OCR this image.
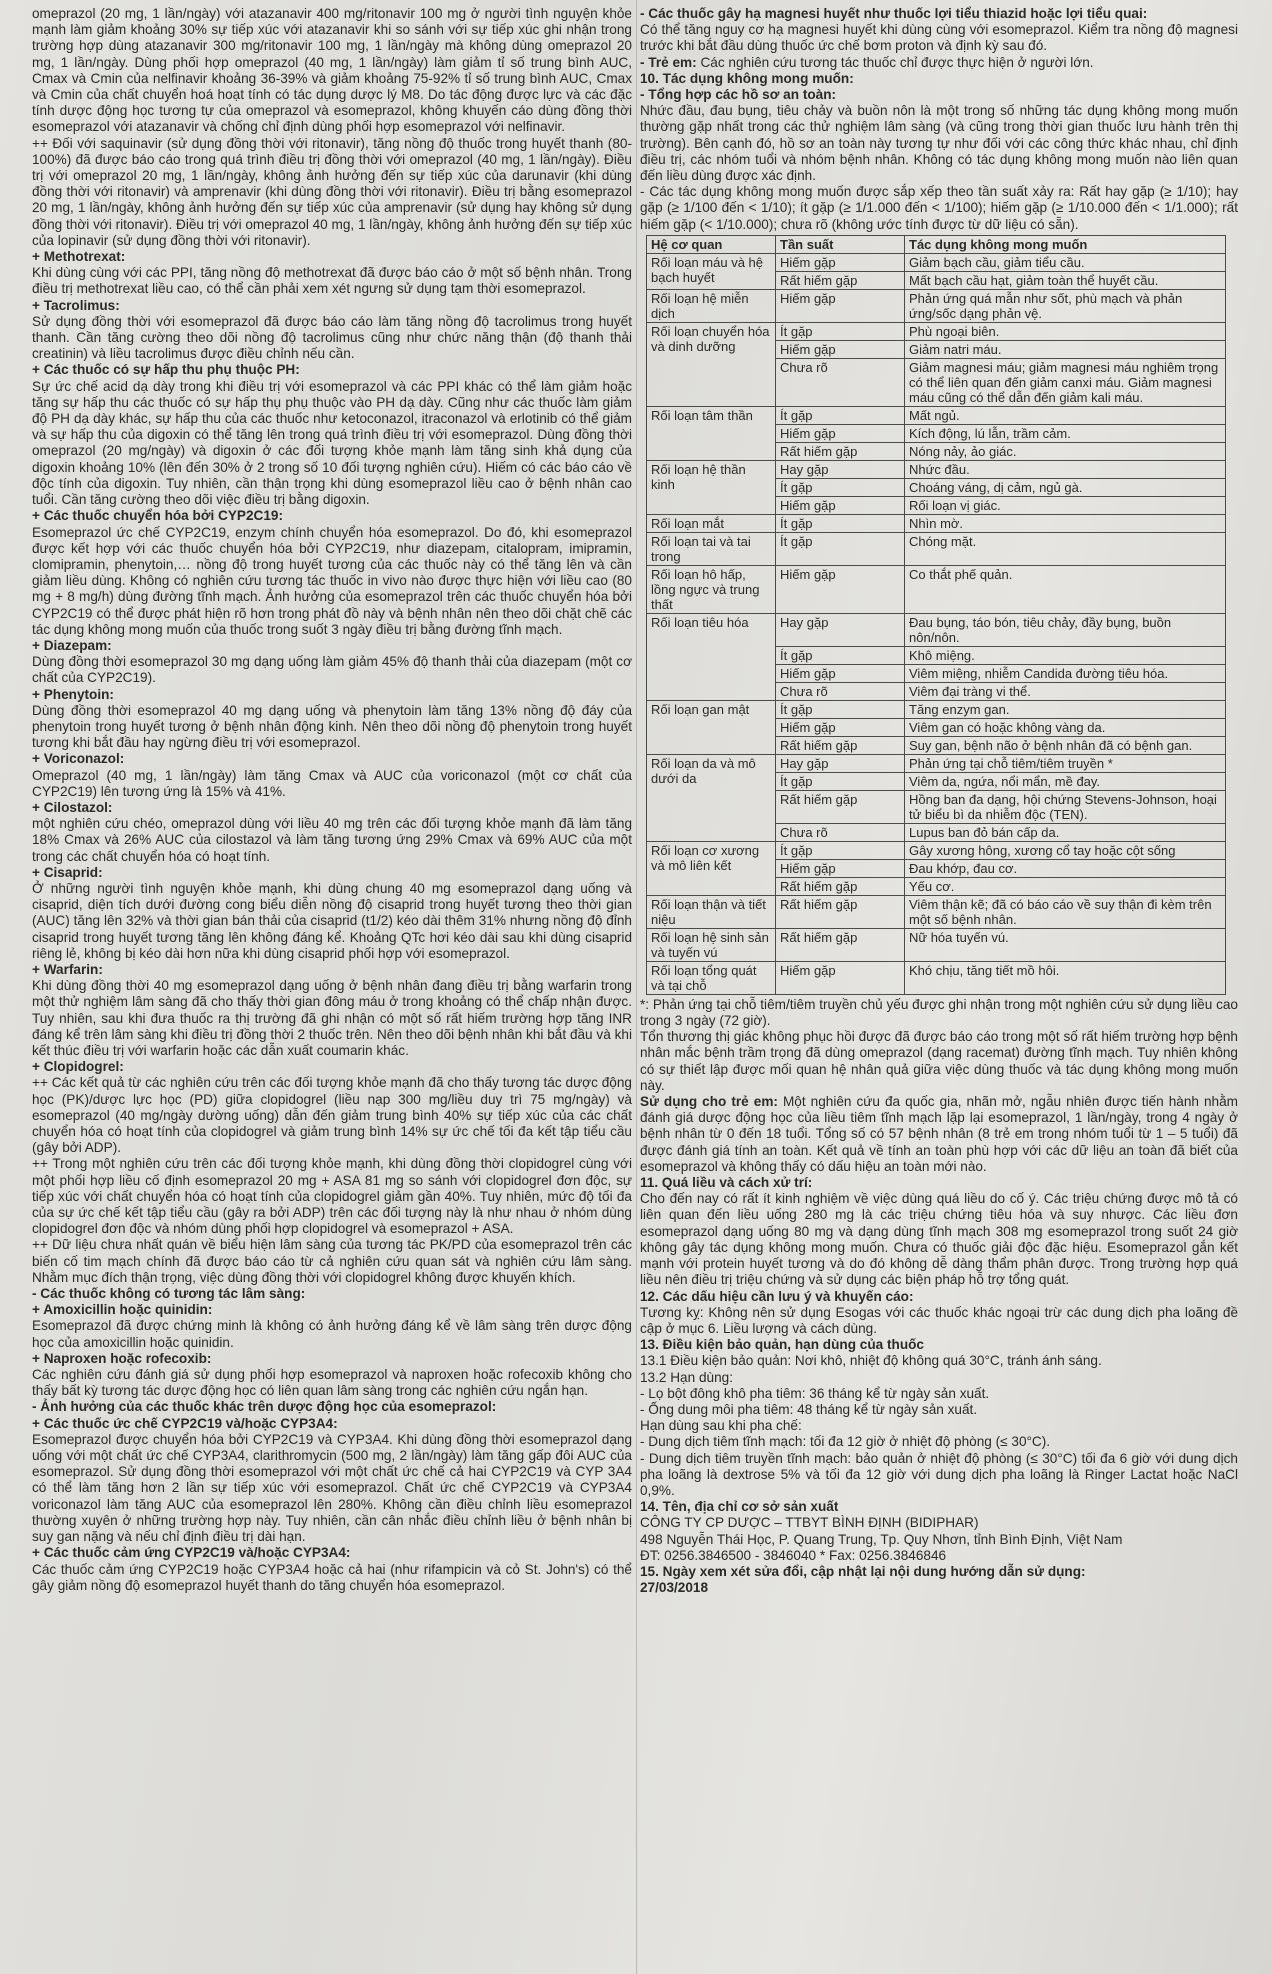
omeprazol (20 mg, 1 lần/ngày) với atazanavir 400 mg/ritonavir 100 mg ở người tình nguyện khỏe mạnh làm giảm khoảng 30% sự tiếp xúc với atazanavir khi so sánh với sự tiếp xúc ghi nhận trong trường hợp dùng atazanavir 300 mg/ritonavir 100 mg, 1 lần/ngày mà không dùng omeprazol 20 mg, 1 lần/ngày. Dùng phối hợp omeprazol (40 mg, 1 lần/ngày) làm giảm tỉ số trung bình AUC, Cmax và Cmin của nelfinavir khoảng 36-39% và giảm khoảng 75-92% tỉ số trung bình AUC, Cmax và Cmin của chất chuyển hoá hoạt tính có tác dụng dược lý M8. Do tác động được lực và các đặc tính dược động học tương tự của omeprazol và esomeprazol, không khuyến cáo dùng đồng thời esomeprazol với atazanavir và chống chỉ định dùng phối hợp esomeprazol với nelfinavir.

++ Đối với saquinavir (sử dụng đồng thời với ritonavir), tăng nồng độ thuốc trong huyết thanh (80-100%) đã được báo cáo trong quá trình điều trị đồng thời với omeprazol (40 mg, 1 lần/ngày). Điều trị với omeprazol 20 mg, 1 lần/ngày, không ảnh hưởng đến sự tiếp xúc của darunavir (khi dùng đồng thời với ritonavir) và amprenavir (khi dùng đồng thời với ritonavir). Điều trị bằng esomeprazol 20 mg, 1 lần/ngày, không ảnh hưởng đến sự tiếp xúc của amprenavir (sử dụng hay không sử dụng đồng thời với ritonavir). Điều trị với omeprazol 40 mg, 1 lần/ngày, không ảnh hưởng đến sự tiếp xúc của lopinavir (sử dụng đồng thời với ritonavir).

+ Methotrexat:

Khi dùng cùng với các PPI, tăng nồng độ methotrexat đã được báo cáo ở một số bệnh nhân. Trong điều trị methotrexat liều cao, có thể cần phải xem xét ngưng sử dụng tạm thời esomeprazol.

+ Tacrolimus:

Sử dụng đồng thời với esomeprazol đã được báo cáo làm tăng nồng độ tacrolimus trong huyết thanh. Cần tăng cường theo dõi nồng độ tacrolimus cũng như chức năng thận (độ thanh thải creatinin) và liều tacrolimus được điều chỉnh nếu cần.

+ Các thuốc có sự hấp thu phụ thuộc PH:

Sự ức chế acid dạ dày trong khi điều trị với esomeprazol và các PPI khác có thể làm giảm hoặc tăng sự hấp thu các thuốc có sự hấp thụ phụ thuộc vào PH dạ dày. Cũng như các thuốc làm giảm độ PH dạ dày khác, sự hấp thu của các thuốc như ketoconazol, itraconazol và erlotinib có thể giảm và sự hấp thu của digoxin có thể tăng lên trong quá trình điều trị với esomeprazol. Dùng đồng thời omeprazol (20 mg/ngày) và digoxin ở các đối tượng khỏe mạnh làm tăng sinh khả dụng của digoxin khoảng 10% (lên đến 30% ở 2 trong số 10 đối tượng nghiên cứu). Hiếm có các báo cáo về độc tính của digoxin. Tuy nhiên, cần thận trọng khi dùng esomeprazol liều cao ở bệnh nhân cao tuổi. Cần tăng cường theo dõi việc điều trị bằng digoxin.

+ Các thuốc chuyển hóa bởi CYP2C19:

Esomeprazol ức chế CYP2C19, enzym chính chuyển hóa esomeprazol. Do đó, khi esomeprazol được kết hợp với các thuốc chuyển hóa bởi CYP2C19, như diazepam, citalopram, imipramin, clomipramin, phenytoin,… nồng độ trong huyết tương của các thuốc này có thể tăng lên và cần giảm liều dùng. Không có nghiên cứu tương tác thuốc in vivo nào được thực hiện với liều cao (80 mg + 8 mg/h) dùng đường tĩnh mạch. Ảnh hưởng của esomeprazol trên các thuốc chuyển hóa bởi CYP2C19 có thể được phát hiện rõ hơn trong phát đồ này và bệnh nhân nên theo dõi chặt chẽ các tác dụng không mong muốn của thuốc trong suốt 3 ngày điều trị bằng đường tĩnh mạch.

+ Diazepam:

Dùng đồng thời esomeprazol 30 mg dạng uống làm giảm 45% độ thanh thải của diazepam (một cơ chất của CYP2C19).

+ Phenytoin:

Dùng đồng thời esomeprazol 40 mg dạng uống và phenytoin làm tăng 13% nồng độ đáy của phenytoin trong huyết tương ở bệnh nhân động kinh. Nên theo dõi nồng độ phenytoin trong huyết tương khi bắt đầu hay ngừng điều trị với esomeprazol.

+ Voriconazol:

Omeprazol (40 mg, 1 lần/ngày) làm tăng Cmax và AUC của voriconazol (một cơ chất của CYP2C19) lên tương ứng là 15% và 41%.

+ Cilostazol:

một nghiên cứu chéo, omeprazol dùng với liều 40 mg trên các đối tượng khỏe mạnh đã làm tăng 18% Cmax và 26% AUC của cilostazol và làm tăng tương ứng 29% Cmax và 69% AUC của một trong các chất chuyển hóa có hoạt tính.

+ Cisaprid:

Ở những người tình nguyện khỏe mạnh, khi dùng chung 40 mg esomeprazol dạng uống và cisaprid, diện tích dưới đường cong biểu diễn nồng độ cisaprid trong huyết tương theo thời gian (AUC) tăng lên 32% và thời gian bán thải của cisaprid (t1/2) kéo dài thêm 31% nhưng nồng độ đỉnh cisaprid trong huyết tương tăng lên không đáng kể. Khoảng QTc hơi kéo dài sau khi dùng cisaprid riêng lẻ, không bị kéo dài hơn nữa khi dùng cisaprid phối hợp với esomeprazol.

+ Warfarin:

Khi dùng đồng thời 40 mg esomeprazol dạng uống ở bệnh nhân đang điều trị bằng warfarin trong một thử nghiệm lâm sàng đã cho thấy thời gian đông máu ở trong khoảng có thể chấp nhận được. Tuy nhiên, sau khi đưa thuốc ra thị trường đã ghi nhận có một số rất hiếm trường hợp tăng INR đáng kể trên lâm sàng khi điều trị đồng thời 2 thuốc trên. Nên theo dõi bệnh nhân khi bắt đầu và khi kết thúc điều trị với warfarin hoặc các dẫn xuất coumarin khác.

+ Clopidogrel:

++ Các kết quả từ các nghiên cứu trên các đối tượng khỏe mạnh đã cho thấy tương tác dược động học (PK)/dược lực học (PD) giữa clopidogrel (liều nạp 300 mg/liều duy trì 75 mg/ngày) và esomeprazol (40 mg/ngày dường uống) dẫn đến giảm trung bình 40% sự tiếp xúc của các chất chuyển hóa có hoạt tính của clopidogrel và giảm trung bình 14% sự ức chế tối đa kết tập tiểu cầu (gây bởi ADP).

++ Trong một nghiên cứu trên các đối tượng khỏe mạnh, khi dùng đồng thời clopidogrel cùng với một phối hợp liều cố định esomeprazol 20 mg + ASA 81 mg so sánh với clopidogrel đơn độc, sự tiếp xúc với chất chuyển hóa có hoạt tính của clopidogrel giảm gần 40%. Tuy nhiên, mức độ tối đa của sự ức chế kết tập tiểu cầu (gây ra bởi ADP) trên các đối tượng này là như nhau ở nhóm dùng clopidogrel đơn độc và nhóm dùng phối hợp clopidogrel và esomeprazol + ASA.

++ Dữ liệu chưa nhất quán về biểu hiện lâm sàng của tương tác PK/PD của esomeprazol trên các biến cố tim mạch chính đã được báo cáo từ cả nghiên cứu quan sát và nghiên cứu lâm sàng. Nhằm mục đích thận trọng, việc dùng đồng thời với clopidogrel không được khuyến khích.

- Các thuốc không có tương tác lâm sàng:

+ Amoxicillin hoặc quinidin:

Esomeprazol đã được chứng minh là không có ảnh hưởng đáng kể về lâm sàng trên dược động học của amoxicillin hoặc quinidin.

+ Naproxen hoặc rofecoxib:

Các nghiên cứu đánh giá sử dụng phối hợp esomeprazol và naproxen hoặc rofecoxib không cho thấy bất kỳ tương tác dược động học có liên quan lâm sàng trong các nghiên cứu ngắn hạn.

- Ảnh hưởng của các thuốc khác trên dược động học của esomeprazol:

+ Các thuốc ức chế CYP2C19 và/hoặc CYP3A4:

Esomeprazol được chuyển hóa bởi CYP2C19 và CYP3A4. Khi dùng đồng thời esomeprazol dạng uống với một chất ức chế CYP3A4, clarithromycin (500 mg, 2 lần/ngày) làm tăng gấp đôi AUC của esomeprazol. Sử dụng đồng thời esomeprazol với một chất ức chế cả hai CYP2C19 và CYP 3A4 có thể làm tăng hơn 2 lần sự tiếp xúc với esomeprazol. Chất ức chế CYP2C19 và CYP3A4 voriconazol làm tăng AUC của esomeprazol lên 280%. Không cần điều chỉnh liều esomeprazol thường xuyên ở những trường hợp này. Tuy nhiên, cần cân nhắc điều chỉnh liều ở bệnh nhân bị suy gan nặng và nếu chỉ định điều trị dài hạn.

+ Các thuốc cảm ứng CYP2C19 và/hoặc CYP3A4:

Các thuốc cảm ứng CYP2C19 hoặc CYP3A4 hoặc cả hai (như rifampicin và cỏ St. John's) có thể gây giảm nồng độ esomeprazol huyết thanh do tăng chuyển hóa esomeprazol.

- Các thuốc gây hạ magnesi huyết như thuốc lợi tiểu thiazid hoặc lợi tiểu quai:

Có thể tăng nguy cơ hạ magnesi huyết khi dùng cùng với esomeprazol. Kiểm tra nồng độ magnesi trước khi bắt đầu dùng thuốc ức chế bơm proton và định kỳ sau đó.

- Trẻ em: Các nghiên cứu tương tác thuốc chỉ được thực hiện ở người lớn.

10. Tác dụng không mong muốn:

- Tổng hợp các hồ sơ an toàn:

Nhức đầu, đau bụng, tiêu chảy và buồn nôn là một trong số những tác dụng không mong muốn thường gặp nhất trong các thử nghiệm lâm sàng (và cũng trong thời gian thuốc lưu hành trên thị trường). Bên cạnh đó, hồ sơ an toàn này tương tự như đối với các công thức khác nhau, chỉ định điều trị, các nhóm tuổi và nhóm bệnh nhân. Không có tác dụng không mong muốn nào liên quan đến liều dùng được xác định.

- Các tác dụng không mong muốn được sắp xếp theo tần suất xảy ra: Rất hay gặp (≥ 1/10); hay gặp (≥ 1/100 đến < 1/10); ít gặp (≥ 1/1.000 đến < 1/100); hiếm gặp (≥ 1/10.000 đến < 1/1.000); rất hiếm gặp (< 1/10.000); chưa rõ (không ước tính được từ dữ liệu có sẵn).

Hệ cơ quan	Tần suất	Tác dụng không mong muốn
Rối loạn máu và hệ bạch huyết	Hiếm gặp	Giảm bạch cầu, giảm tiểu cầu.
	Rất hiếm gặp	Mất bạch cầu hạt, giảm toàn thể huyết cầu.
Rối loạn hệ miễn dịch	Hiếm gặp	Phản ứng quá mẫn như sốt, phù mạch và phản ứng/sốc dạng phản vệ.
Rối loạn chuyển hóa và dinh dưỡng	Ít gặp	Phù ngoại biên.
	Hiếm gặp	Giảm natri máu.
	Chưa rõ	Giảm magnesi máu; giảm magnesi máu nghiêm trọng có thể liên quan đến giảm canxi máu. Giảm magnesi máu cũng có thể dẫn đến giảm kali máu.
Rối loạn tâm thần	Ít gặp	Mất ngủ.
	Hiếm gặp	Kích động, lú lẫn, trầm cảm.
	Rất hiếm gặp	Nóng nảy, ảo giác.
Rối loạn hệ thần kinh	Hay gặp	Nhức đầu.
	Ít gặp	Choáng váng, dị cảm, ngủ gà.
	Hiếm gặp	Rối loạn vị giác.
Rối loạn mắt	Ít gặp	Nhìn mờ.
Rối loạn tai và tai trong	Ít gặp	Chóng mặt.
Rối loạn hô hấp, lồng ngực và trung thất	Hiếm gặp	Co thắt phế quản.
Rối loạn tiêu hóa	Hay gặp	Đau bụng, táo bón, tiêu chảy, đầy bụng, buồn nôn/nôn.
	Ít gặp	Khô miệng.
	Hiếm gặp	Viêm miệng, nhiễm Candida đường tiêu hóa.
	Chưa rõ	Viêm đại tràng vi thể.
Rối loạn gan mật	Ít gặp	Tăng enzym gan.
	Hiếm gặp	Viêm gan có hoặc không vàng da.
	Rất hiếm gặp	Suy gan, bệnh não ở bệnh nhân đã có bệnh gan.
Rối loạn da và mô dưới da	Hay gặp	Phản ứng tại chỗ tiêm/tiêm truyền *
	Ít gặp	Viêm da, ngứa, nổi mẩn, mề đay.
	Rất hiếm gặp	Hồng ban đa dạng, hội chứng Stevens-Johnson, hoại tử biểu bì da nhiễm độc (TEN).
	Chưa rõ	Lupus ban đỏ bán cấp da.
Rối loạn cơ xương và mô liên kết	Ít gặp	Gây xương hông, xương cổ tay hoặc cột sống
	Hiếm gặp	Đau khớp, đau cơ.
	Rất hiếm gặp	Yếu cơ.
Rối loạn thận và tiết niệu	Rất hiếm gặp	Viêm thận kẽ; đã có báo cáo về suy thận đi kèm trên một số bệnh nhân.
Rối loạn hệ sinh sản và tuyến vú	Rất hiếm gặp	Nữ hóa tuyến vú.
Rối loạn tổng quát và tại chỗ	Hiếm gặp	Khó chịu, tăng tiết mồ hôi.

*: Phản ứng tại chỗ tiêm/tiêm truyền chủ yếu được ghi nhận trong một nghiên cứu sử dụng liều cao trong 3 ngày (72 giờ).

Tổn thương thị giác không phục hồi được đã được báo cáo trong một số rất hiếm trường hợp bệnh nhân mắc bệnh trầm trọng đã dùng omeprazol (dạng racemat) đường tĩnh mạch. Tuy nhiên không có sự thiết lập được mối quan hệ nhân quả giữa việc dùng thuốc và tác dụng không mong muốn này.

Sử dụng cho trẻ em: Một nghiên cứu đa quốc gia, nhãn mở, ngẫu nhiên được tiến hành nhằm đánh giá dược động học của liều tiêm tĩnh mạch lặp lại esomeprazol, 1 lần/ngày, trong 4 ngày ở bệnh nhân từ 0 đến 18 tuổi. Tổng số có 57 bệnh nhân (8 trẻ em trong nhóm tuổi từ 1 – 5 tuổi) đã được đánh giá tính an toàn. Kết quả về tính an toàn phù hợp với các dữ liệu an toàn đã biết của esomeprazol và không thấy có dấu hiệu an toàn mới nào.

11. Quá liều và cách xử trí:

Cho đến nay có rất ít kinh nghiệm về việc dùng quá liều do cố ý. Các triệu chứng được mô tả có liên quan đến liều uống 280 mg là các triệu chứng tiêu hóa và suy nhược. Các liều đơn esomeprazol dạng uống 80 mg và dạng dùng tĩnh mạch 308 mg esomeprazol trong suốt 24 giờ không gây tác dụng không mong muốn. Chưa có thuốc giải độc đặc hiệu. Esomeprazol gắn kết mạnh với protein huyết tương và do đó không dễ dàng thẩm phân được. Trong trường hợp quá liều nên điều trị triệu chứng và sử dụng các biện pháp hỗ trợ tổng quát.

12. Các dấu hiệu cần lưu ý và khuyến cáo:

Tương kỵ: Không nên sử dụng Esogas với các thuốc khác ngoại trừ các dung dịch pha loãng đề cập ở mục 6. Liều lượng và cách dùng.

13. Điều kiện bảo quản, hạn dùng của thuốc

13.1 Điều kiện bảo quản: Nơi khô, nhiệt độ không quá 30°C, tránh ánh sáng.

13.2 Hạn dùng:

- Lọ bột đông khô pha tiêm: 36 tháng kể từ ngày sản xuất.

- Ống dung môi pha tiêm: 48 tháng kể từ ngày sản xuất.

Hạn dùng sau khi pha chế:

- Dung dịch tiêm tĩnh mạch: tối đa 12 giờ ở nhiệt độ phòng (≤ 30°C).

- Dung dịch tiêm truyền tĩnh mạch: bảo quản ở nhiệt độ phòng (≤ 30°C) tối đa 6 giờ với dung dịch pha loãng là dextrose 5% và tối đa 12 giờ với dung dịch pha loãng là Ringer Lactat hoặc NaCl 0,9%.

14. Tên, địa chỉ cơ sở sản xuất

CÔNG TY CP DƯỢC – TTBYT BÌNH ĐỊNH (BIDIPHAR)

498 Nguyễn Thái Học, P. Quang Trung, Tp. Quy Nhơn, tỉnh Bình Định, Việt Nam

ĐT: 0256.3846500 - 3846040 * Fax: 0256.3846846

15. Ngày xem xét sửa đổi, cập nhật lại nội dung hướng dẫn sử dụng:

27/03/2018
